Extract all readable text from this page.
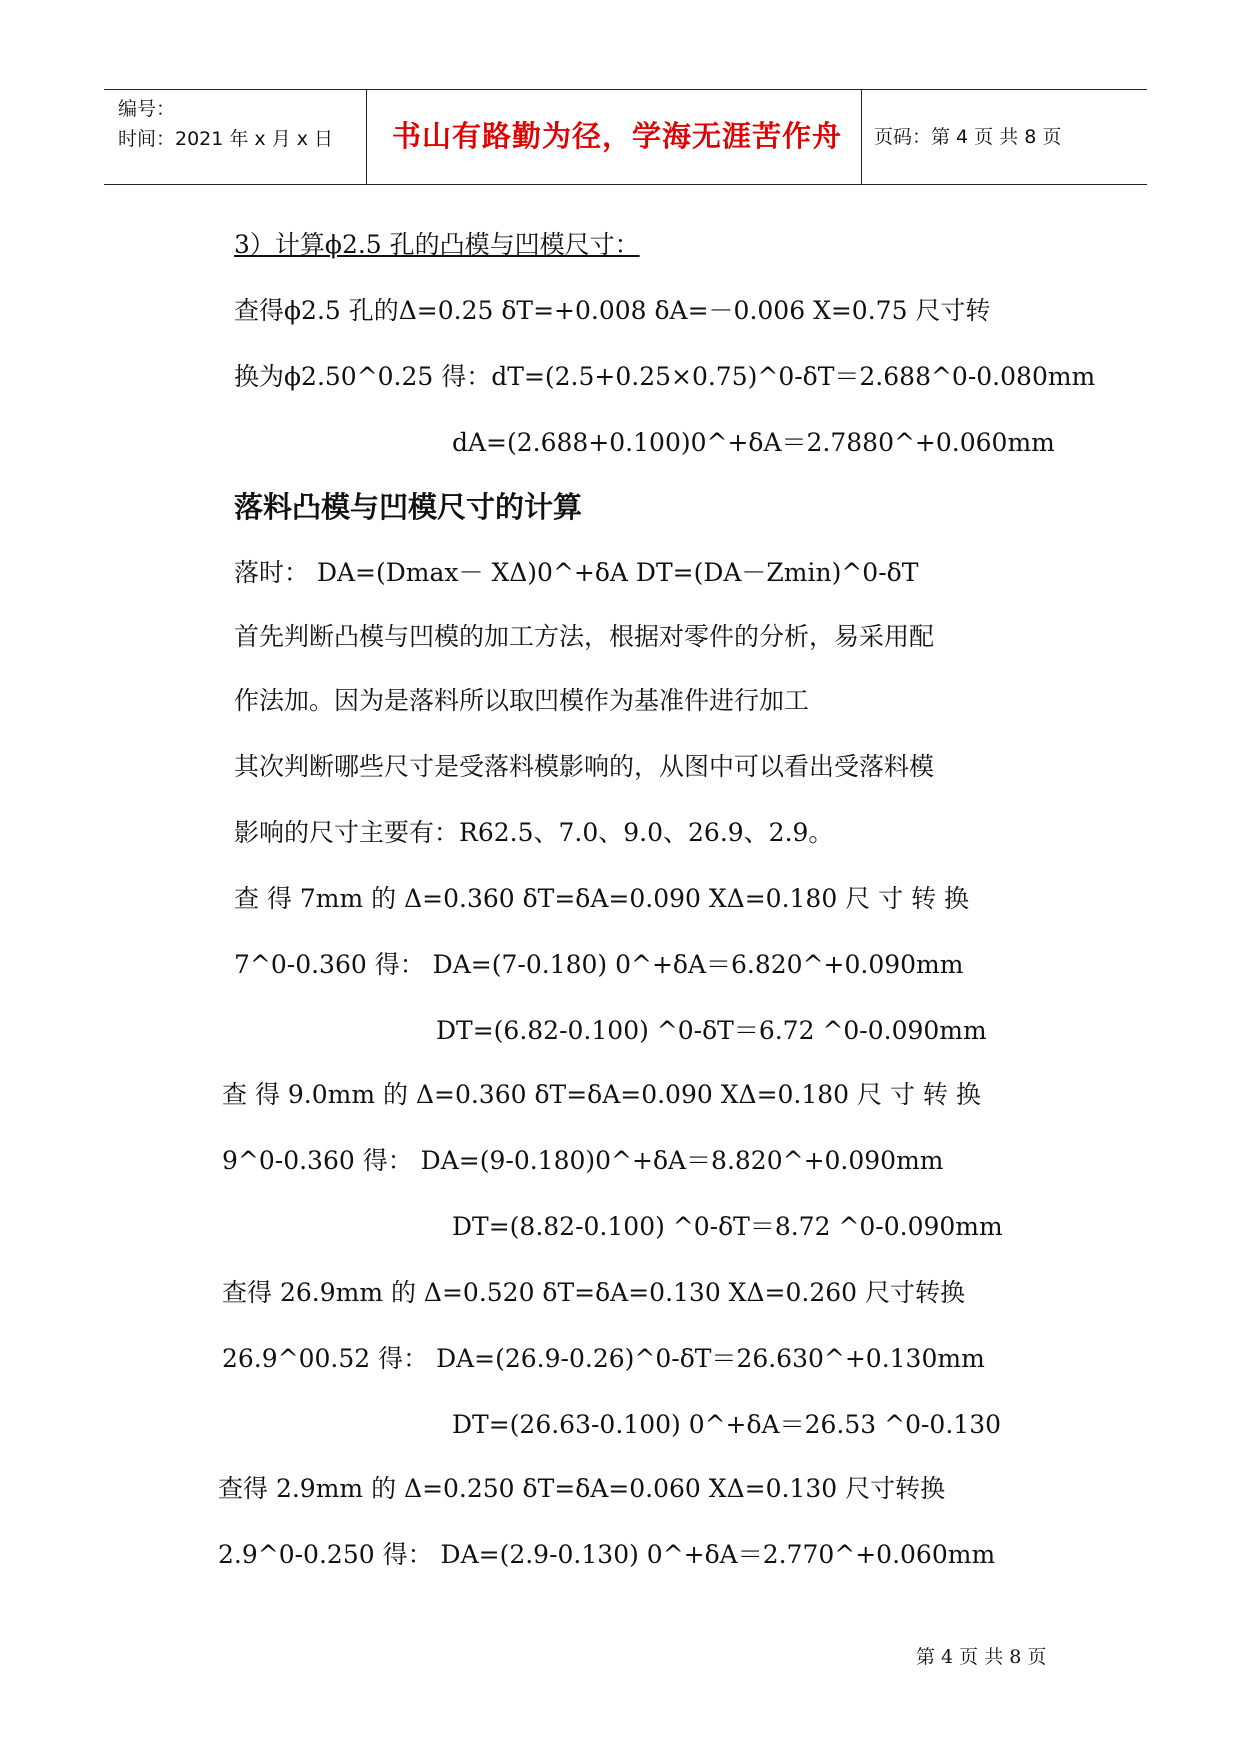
编号：
时间：2021 年 x 月 x 日 书山有路勤为径，学海无涯苦作舟 页码：第 4 页 共 8 页
3）计算ϕ2.5 孔的凸模与凹模尺寸：
查得ϕ2.5 孔的Δ=0.25 δT=+0.008 δA=－0.006 X=0.75 尺寸转
换为ϕ2.50^0.25 得：dT=(2.5+0.25×0.75)^0-δT＝2.688^0-0.080mm
dA=(2.688+0.100)0^+δA＝2.7880^+0.060mm
落料凸模与凹模尺寸的计算
落时： DA=(Dmax－ XΔ)0^+δA DT=(DA－Zmin)^0-δT
首先判断凸模与凹模的加工方法，根据对零件的分析，易采用配
作法加。因为是落料所以取凹模作为基准件进行加工
其次判断哪些尺寸是受落料模影响的，从图中可以看出受落料模
影响的尺寸主要有：R62.5、7.0、9.0、26.9、2.9。
查 得 7mm 的 Δ=0.360 δT=δA=0.090 XΔ=0.180 尺 寸 转 换
7^0-0.360 得： DA=(7-0.180) 0^+δA＝6.820^+0.090mm
DT=(6.82-0.100) ^0-δT＝6.72 ^0-0.090mm
查 得 9.0mm 的 Δ=0.360 δT=δA=0.090 XΔ=0.180 尺 寸 转 换
9^0-0.360 得： DA=(9-0.180)0^+δA＝8.820^+0.090mm
DT=(8.82-0.100) ^0-δT＝8.72 ^0-0.090mm
查得 26.9mm 的 Δ=0.520 δT=δA=0.130 XΔ=0.260 尺寸转换
26.9^00.52 得： DA=(26.9-0.26)^0-δT＝26.630^+0.130mm
DT=(26.63-0.100) 0^+δA＝26.53 ^0-0.130
查得 2.9mm 的 Δ=0.250 δT=δA=0.060 XΔ=0.130 尺寸转换
2.9^0-0.250 得： DA=(2.9-0.130) 0^+δA＝2.770^+0.060mm
第 4 页 共 8 页
